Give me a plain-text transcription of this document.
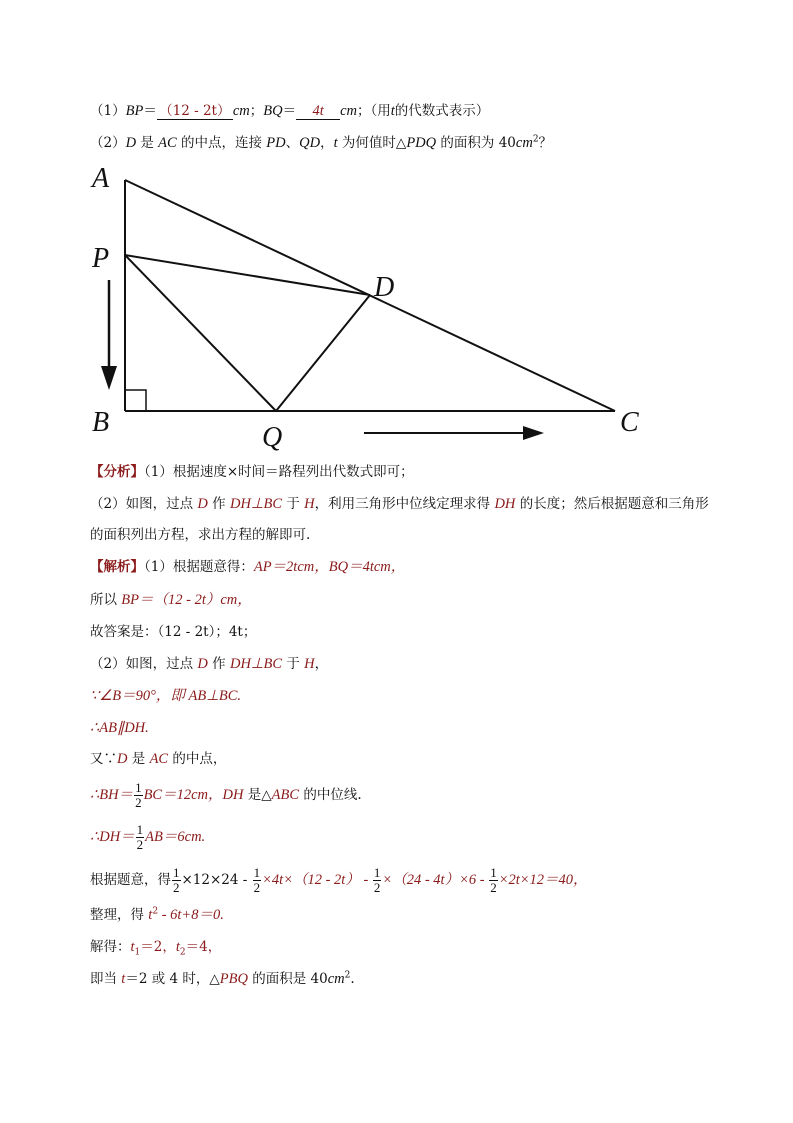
（1）BP＝ （12 - 2t） cm；BQ＝ 4t cm；（用t的代数式表示）
（2）D 是 AC 的中点，连接 PD、QD，t 为何值时△PDQ 的面积为 $40cm^2$？
A
P
D
B	Q	C
【分析】（1）根据速度×时间＝路程列出代数式即可；
（2）如图，过点 D 作 DH⊥BC 于 H，利用三角形中位线定理求得 DH 的长度；然后根据题意和三角形
的面积列出方程，求出方程的解即可.
【解析】（1）根据题意得：AP＝2tcm，BQ＝4tcm，
所以 BP＝（12 - 2t）cm，
故答案是：（12 - 2t）；4t；
（2）如图，过点 D 作 DH⊥BC 于 H，
∵∠B＝90°，即 AB⊥BC.
∴AB∥DH.
又∵D 是 AC 的中点，
∴BH＝ $\frac{1}{2} BC=12cm$，DH 是△ABC 的中位线.
∴DH＝ $\frac{1}{2} AB=6cm$.
根据题意，得 $\frac{1}{2} \times 12\times 24 - \frac{1}{2} \times 4t\times(12 - 2t) - \frac{1}{2} \times(24 - 4t)\times 6 - \frac{1}{2} \times 2t\times 12=40$，
整理，得 $t^2 - 6t+8=0$.
解得：$t_1=2$，$t_2=4$，
即当 t＝2 或 4 时，△PBQ 的面积是 $40cm^2$.
